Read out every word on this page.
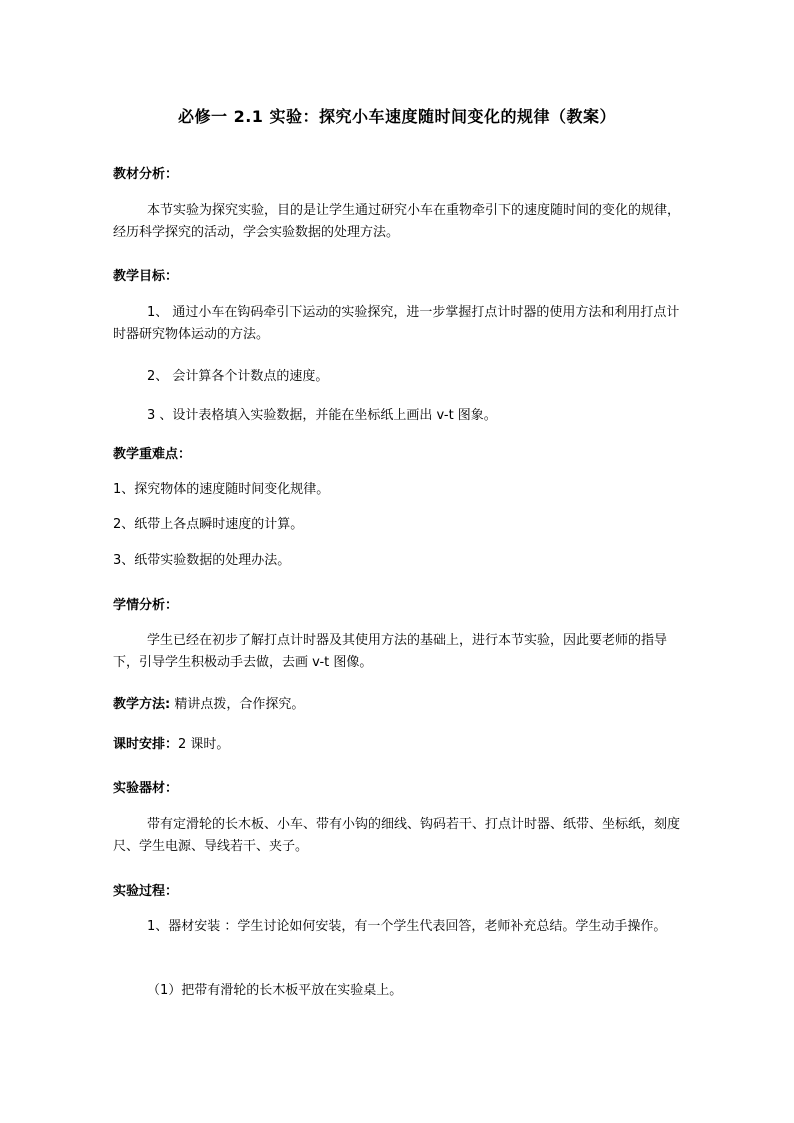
必修一 2.1 实验：探究小车速度随时间变化的规律（教案）
教材分析：
本节实验为探究实验，目的是让学生通过研究小车在重物牵引下的速度随时间的变化的规律，经历科学探究的活动，学会实验数据的处理方法。
教学目标：
1、 通过小车在钩码牵引下运动的实验探究，进一步掌握打点计时器的使用方法和利用打点计时器研究物体运动的方法。
2、 会计算各个计数点的速度。
3 、设计表格填入实验数据，并能在坐标纸上画出 v-t 图象。
教学重难点：
1、探究物体的速度随时间变化规律。
2、纸带上各点瞬时速度的计算。
3、纸带实验数据的处理办法。
学情分析：
学生已经在初步了解打点计时器及其使用方法的基础上，进行本节实验，因此要老师的指导下，引导学生积极动手去做，去画 v-t 图像。
教学方法: 精讲点拨，合作探究。
课时安排：2 课时。
实验器材：
带有定滑轮的长木板、小车、带有小钩的细线、钩码若干、打点计时器、纸带、坐标纸，刻度尺、学生电源、导线若干、夹子。
实验过程：
1、器材安装 ：学生讨论如何安装，有一个学生代表回答，老师补充总结。学生动手操作。
（1）把带有滑轮的长木板平放在实验桌上。
